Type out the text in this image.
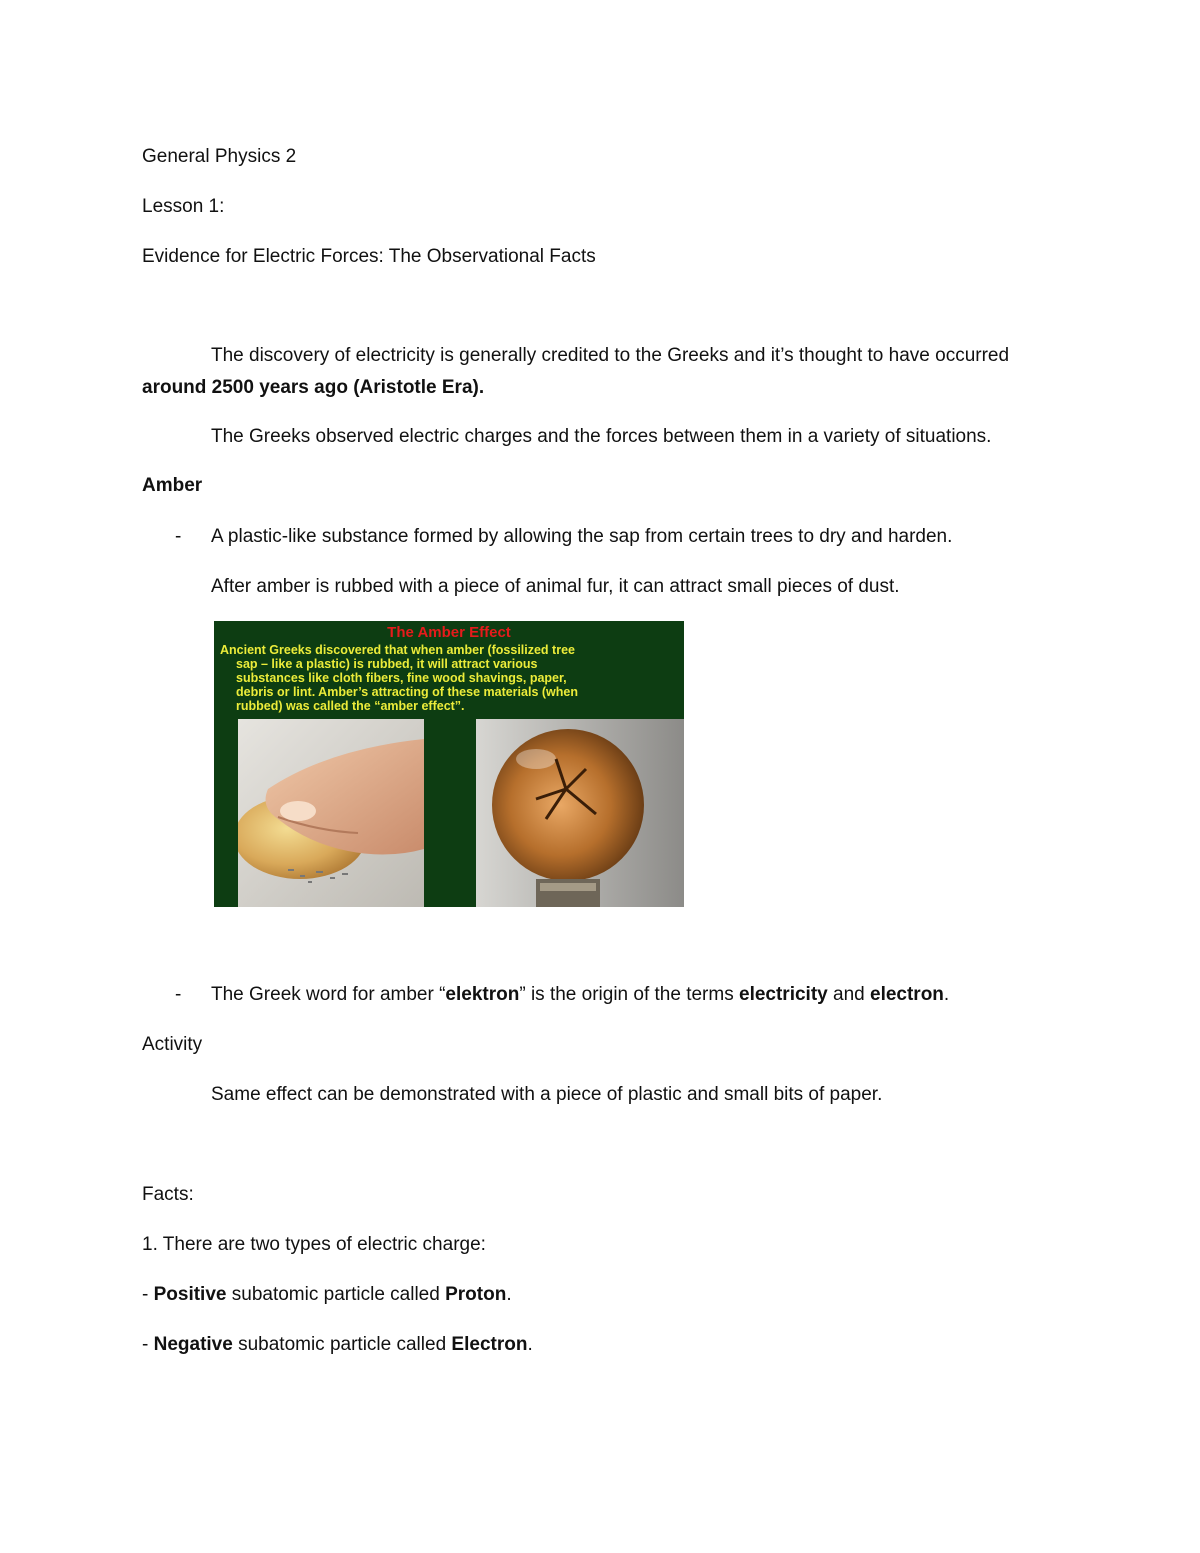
General Physics 2
Lesson 1:
Evidence for Electric Forces: The Observational Facts
The discovery of electricity is generally credited to the Greeks and it’s thought to have occurred
around 2500 years ago (Aristotle Era).
The Greeks observed electric charges and the forces between them in a variety of situations.
Amber
- A plastic-like substance formed by allowing the sap from certain trees to dry and harden.
After amber is rubbed with a piece of animal fur, it can attract small pieces of dust.
The Amber Effect
Ancient Greeks discovered that when amber (fossilized tree
sap – like a plastic) is rubbed, it will attract various
substances like cloth fibers, fine wood shavings, paper,
debris or lint. Amber’s attracting of these materials (when
rubbed) was called the “amber effect”.
- The Greek word for amber “elektron” is the origin of the terms electricity and electron.
Activity
Same effect can be demonstrated with a piece of plastic and small bits of paper.
Facts:
1. There are two types of electric charge:
- Positive subatomic particle called Proton.
- Negative subatomic particle called Electron.
